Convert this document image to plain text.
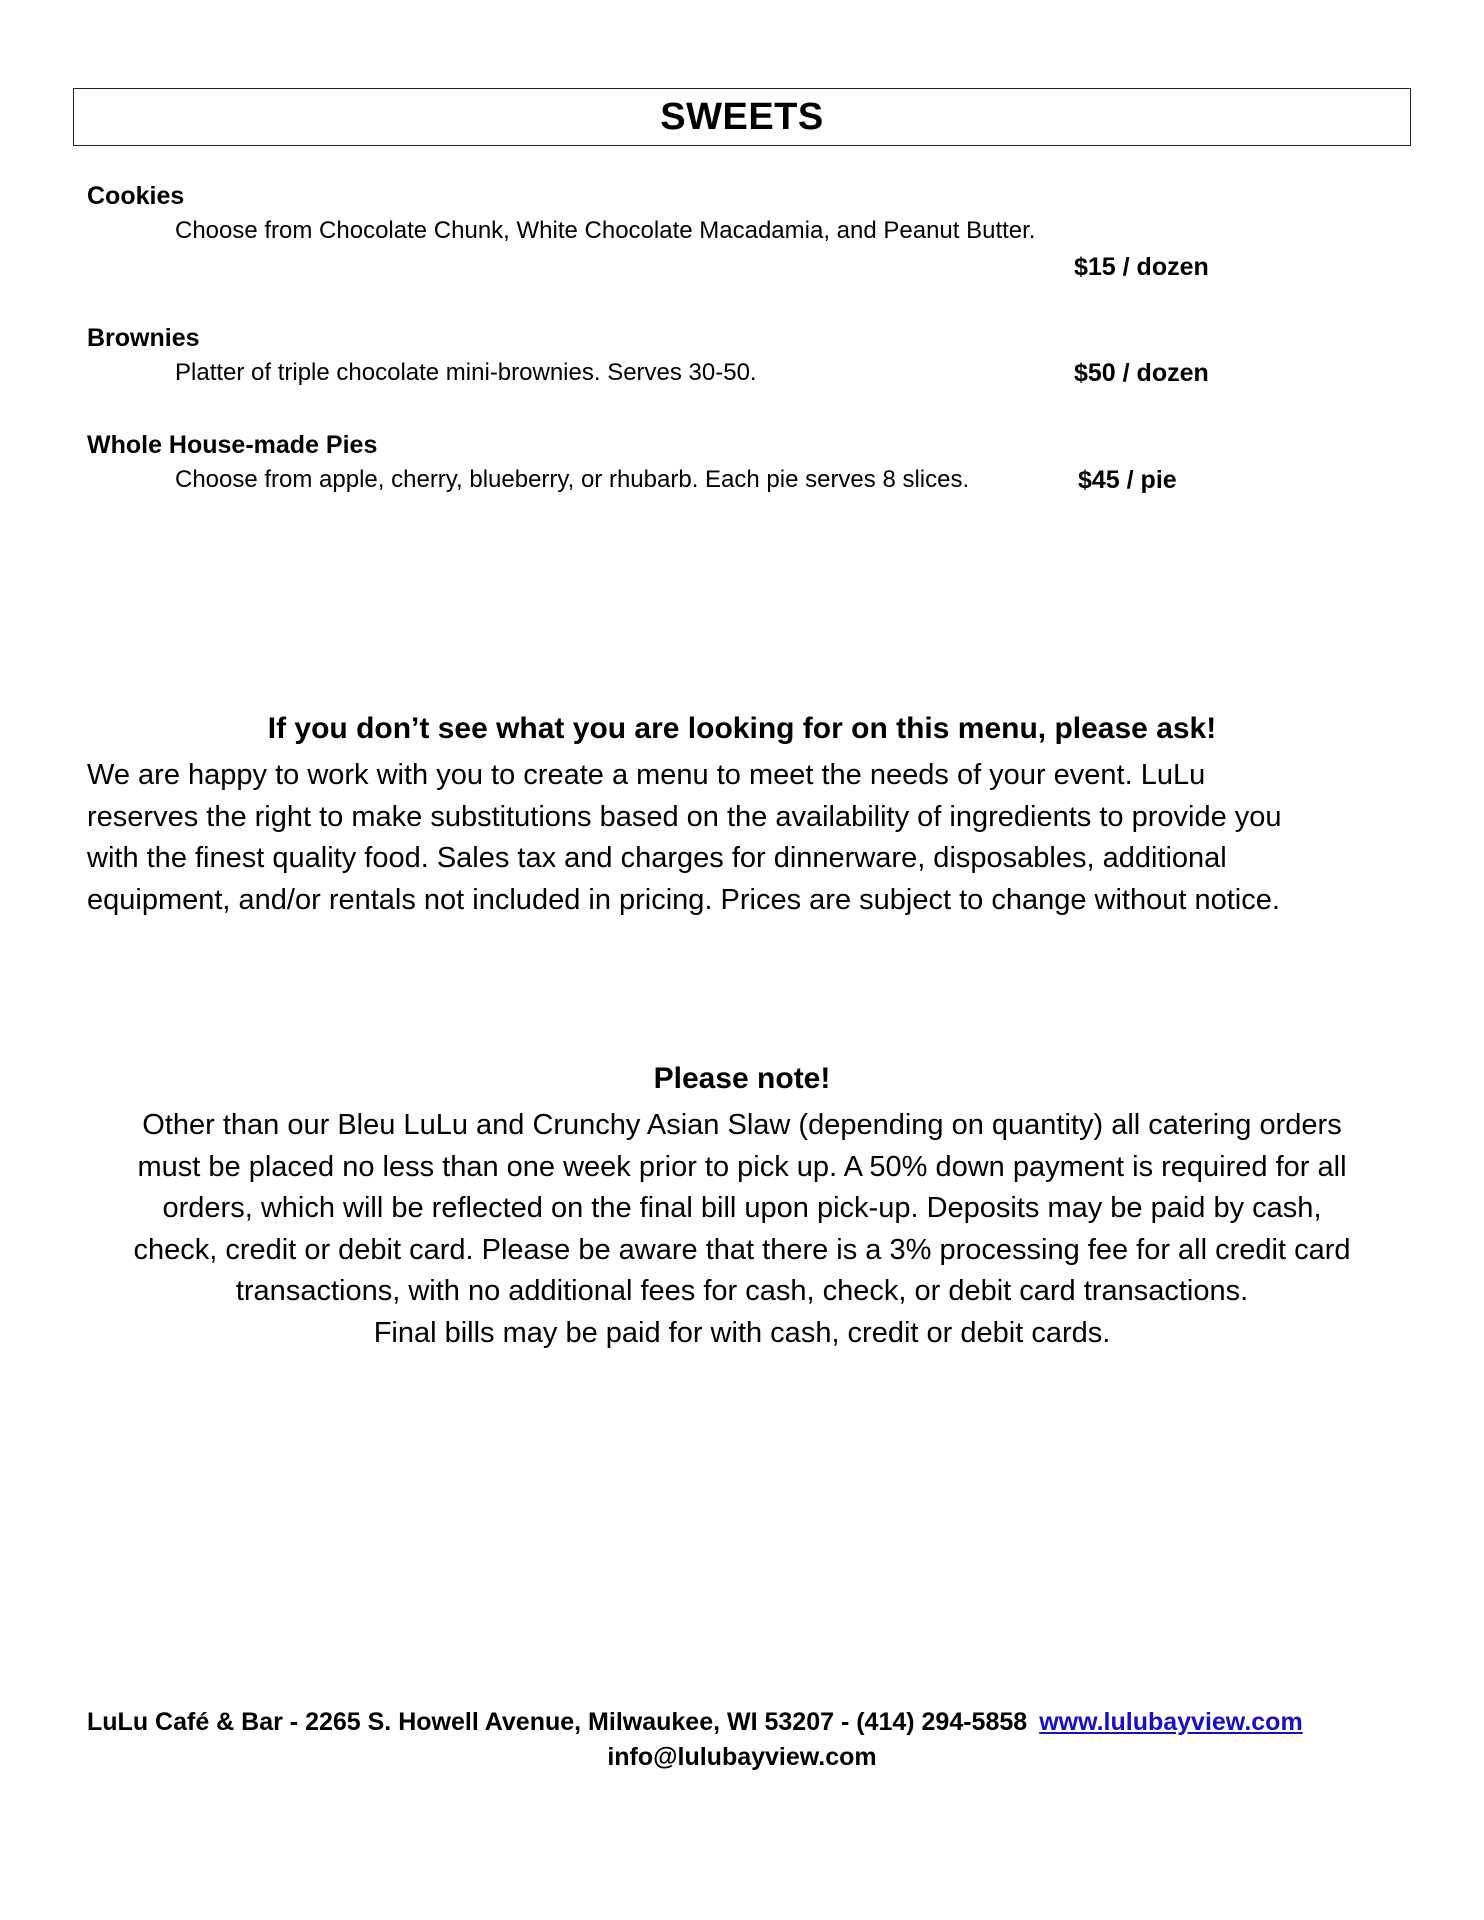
SWEETS
Cookies
Choose from Chocolate Chunk, White Chocolate Macadamia, and Peanut Butter.
$15 / dozen
Brownies
Platter of triple chocolate mini-brownies. Serves 30-50.	$50 / dozen
Whole House-made Pies
Choose from apple, cherry, blueberry, or rhubarb. Each pie serves 8 slices.	$45 / pie
If you don’t see what you are looking for on this menu, please ask!
We are happy to work with you to create a menu to meet the needs of your event. LuLu
reserves the right to make substitutions based on the availability of ingredients to provide you
with the finest quality food. Sales tax and charges for dinnerware, disposables, additional
equipment, and/or rentals not included in pricing. Prices are subject to change without notice.
Please note!
Other than our Bleu LuLu and Crunchy Asian Slaw (depending on quantity) all catering orders
must be placed no less than one week prior to pick up. A 50% down payment is required for all
orders, which will be reflected on the final bill upon pick-up. Deposits may be paid by cash,
check, credit or debit card. Please be aware that there is a 3% processing fee for all credit card
transactions, with no additional fees for cash, check, or debit card transactions.
Final bills may be paid for with cash, credit or debit cards.
LuLu Café & Bar - 2265 S. Howell Avenue, Milwaukee, WI 53207 - (414) 294-5858 www.lulubayview.com
info@lulubayview.com
